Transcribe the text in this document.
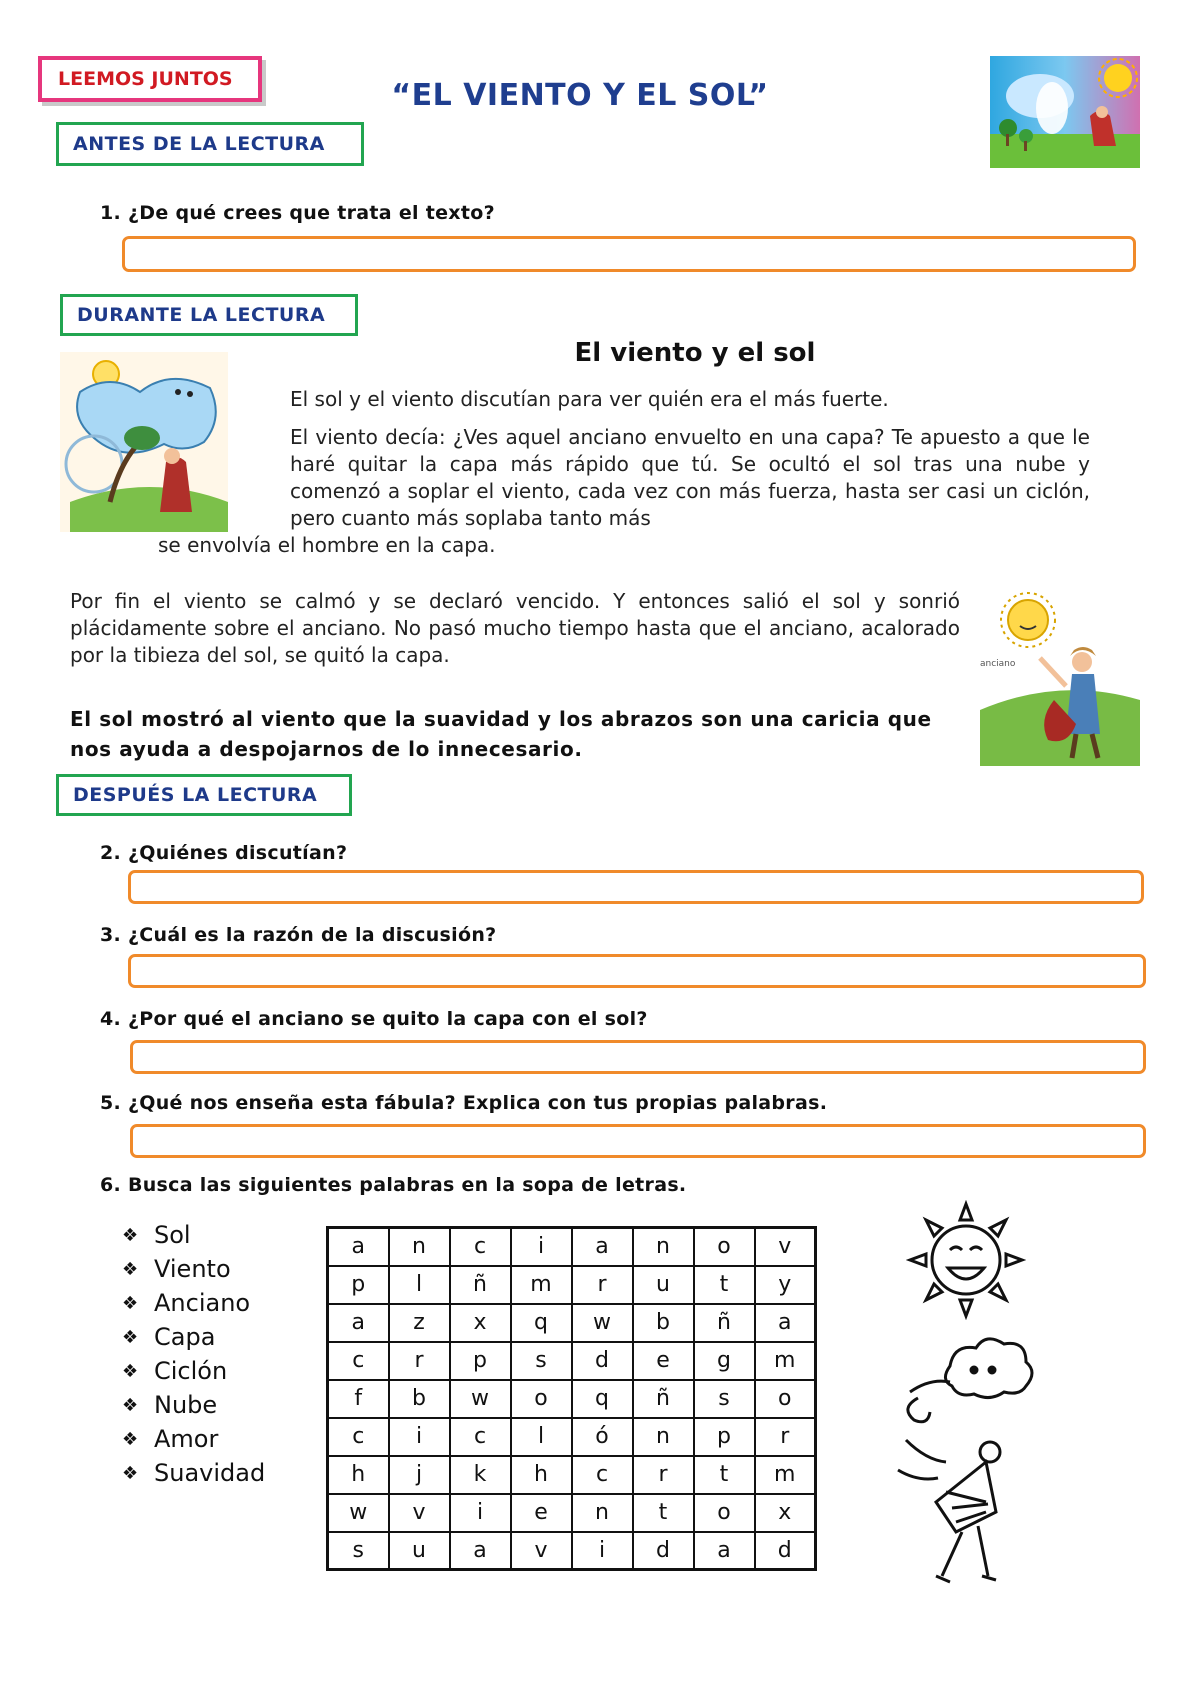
LEEMOS JUNTOS	“EL VIENTO Y EL SOL”
ANTES DE LA LECTURA
1. ¿De qué crees que trata el texto?
DURANTE LA LECTURA
El viento y el sol
El sol y el viento discutían para ver quién era el más fuerte.
El viento decía: ¿Ves aquel anciano envuelto en una capa? Te apuesto a que le haré quitar la capa más rápido que tú. Se ocultó el sol tras una nube y comenzó a soplar el viento, cada vez con más fuerza, hasta ser casi un ciclón, pero cuanto más soplaba tanto más
se envolvía el hombre en la capa.
Por fin el viento se calmó y se declaró vencido. Y entonces salió el sol y sonrió plácidamente sobre el anciano. No pasó mucho tiempo hasta que el anciano, acalorado por la tibieza del sol, se quitó la capa.
El sol mostró al viento que la suavidad y los abrazos son una caricia que nos ayuda a despojarnos de lo innecesario.
anciano
DESPUÉS LA LECTURA
2. ¿Quiénes discutían?
3. ¿Cuál es la razón de la discusión?
4. ¿Por qué el anciano se quito la capa con el sol?
5. ¿Qué nos enseña esta fábula? Explica con tus propias palabras.
6. Busca las siguientes palabras en la sopa de letras.
❖ Sol
❖ Viento
❖ Anciano
❖ Capa
❖ Ciclón
❖ Nube
❖ Amor
❖ Suavidad
a	n	c	i	a	n	o	v
p	l	ñ	m	r	u	t	y
a	z	x	q	w	b	ñ	a
c	r	p	s	d	e	g	m
f	b	w	o	q	ñ	s	o
c	i	c	l	ó	n	p	r
h	j	k	h	c	r	t	m
w	v	i	e	n	t	o	x
s	u	a	v	i	d	a	d
